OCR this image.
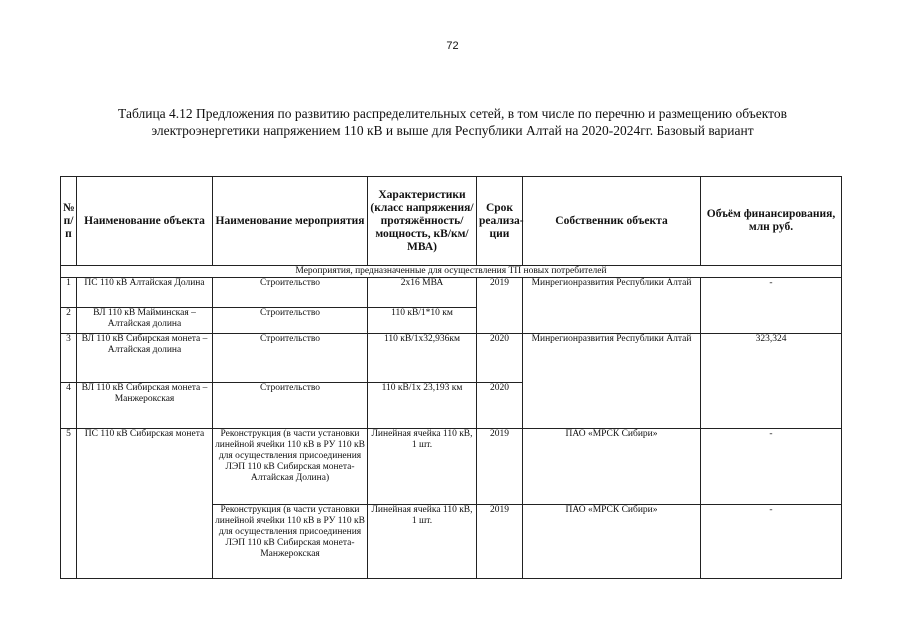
72
Таблица 4.12 Предложения по развитию распределительных сетей, в том числе по перечню и размещению объектов
электроэнергетики напряжением 110 кВ и выше для Республики Алтай на 2020-2024гг. Базовый вариант
№ п/п	Наименование объекта	Наименование мероприятия	Характеристики (класс напряжения/ протяжённость/ мощность, кВ/км/МВА)	Срок реализа-ции	Собственник объекта	Объём финансирования, млн руб.
Мероприятия, предназначенные для осуществления ТП новых потребителей						
1	ПС 110 кВ Алтайская Долина	Строительство	2х16 МВА	2019	Минрегионразвития Республики Алтай	-
2	ВЛ 110 кВ Майминская – Алтайская долина	Строительство	110 кВ/1*10 км			
3	ВЛ 110 кВ Сибирская монета – Алтайская долина	Строительство	110 кВ/1х32,936км	2020	Минрегионразвития Республики Алтай	323,324
4	ВЛ 110 кВ Сибирская монета – Манжерокская	Строительство	110 кВ/1х 23,193 км	2020		
5	ПС 110 кВ Сибирская монета	Реконструкция (в части установки линейной ячейки 110 кВ в РУ 110 кВ для осуществления присоединения ЛЭП 110 кВ Сибирская монета-Алтайская Долина)	Линейная ячейка 110 кВ, 1 шт.	2019	ПАО «МРСК Сибири»	-
		Реконструкция (в части установки линейной ячейки 110 кВ в РУ 110 кВ для осуществления присоединения ЛЭП 110 кВ Сибирская монета-Манжерокская	Линейная ячейка 110 кВ, 1 шт.	2019	ПАО «МРСК Сибири»	-
